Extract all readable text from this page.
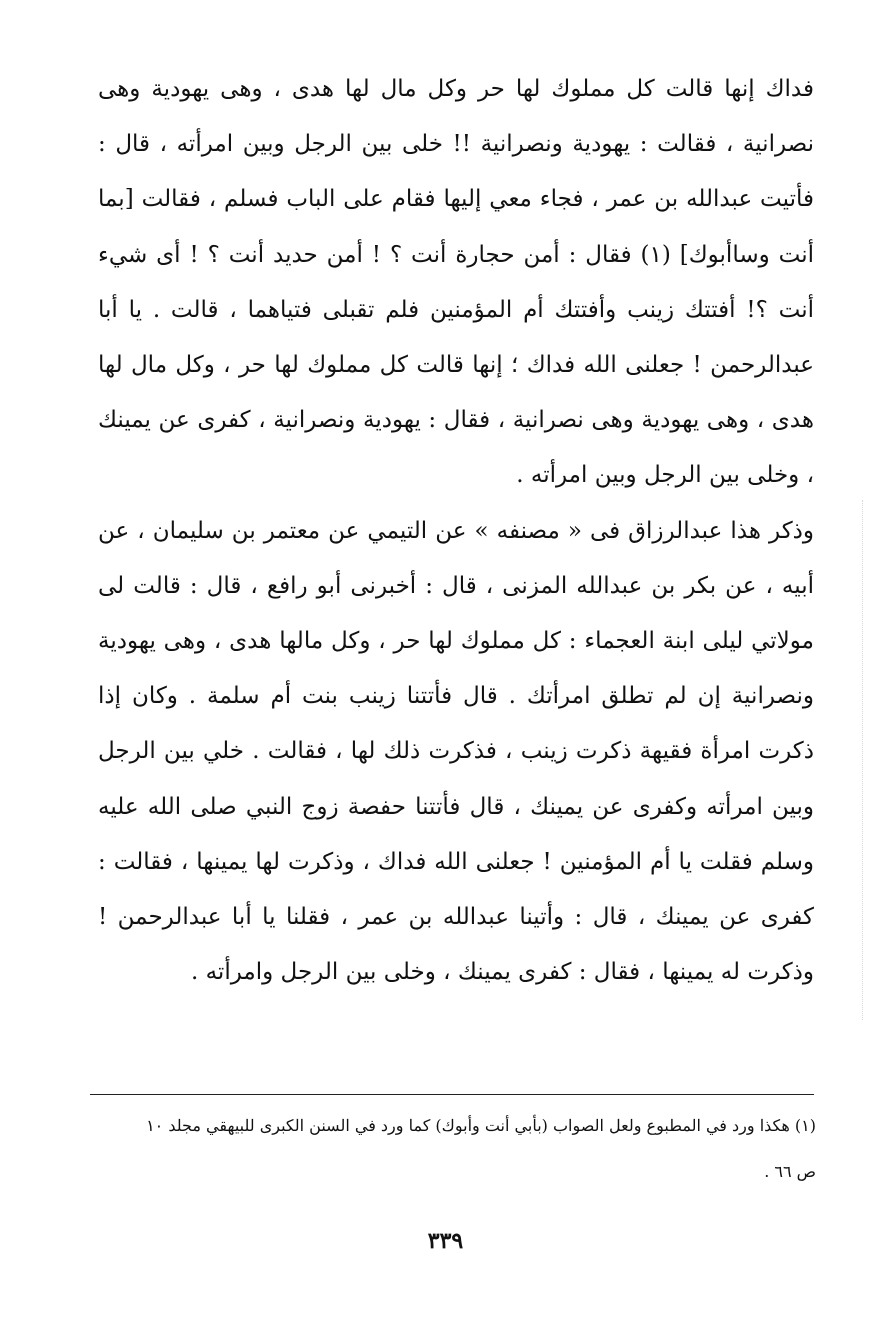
فداك إنها قالت كل مملوك لها حر وكل مال لها هدى ، وهى يهودية وهى نصرانية ، فقالت : يهودية ونصرانية !! خلى بين الرجل وبين امرأته ، قال : فأتيت عبدالله بن عمر ، فجاء معي إليها فقام على الباب فسلم ، فقالت [بما أنت وساأبوك] (١) فقال : أمن حجارة أنت ؟ ! أمن حديد أنت ؟ ! أى شيء أنت ؟! أفتتك زينب وأفتتك أم المؤمنين فلم تقبلى فتياهما ، قالت . يا أبا عبدالرحمن ! جعلنى الله فداك ؛ إنها قالت كل مملوك لها حر ، وكل مال لها هدى ، وهى يهودية وهى نصرانية ، فقال : يهودية ونصرانية ، كفرى عن يمينك ، وخلى بين الرجل وبين امرأته .

وذكر هذا عبدالرزاق فى « مصنفه » عن التيمي عن معتمر بن سليمان ، عن أبيه ، عن بكر بن عبدالله المزنى ، قال : أخبرنى أبو رافع ، قال : قالت لى مولاتي ليلى ابنة العجماء : كل مملوك لها حر ، وكل مالها هدى ، وهى يهودية ونصرانية إن لم تطلق امرأتك . قال فأتتنا زينب بنت أم سلمة . وكان إذا ذكرت امرأة فقيهة ذكرت زينب ، فذكرت ذلك لها ، فقالت . خلي بين الرجل وبين امرأته وكفرى عن يمينك ، قال فأتتنا حفصة زوج النبي صلى الله عليه وسلم فقلت يا أم المؤمنين ! جعلنى الله فداك ، وذكرت لها يمينها ، فقالت : كفرى عن يمينك ، قال : وأتينا عبدالله بن عمر ، فقلنا يا أبا عبدالرحمن ! وذكرت له يمينها ، فقال : كفرى يمينك ، وخلى بين الرجل وامرأته .

(١) هكذا ورد في المطبوع ولعل الصواب (بأبي أنت وأبوك) كما ورد في السنن الكبرى للبيهقي مجلد ١٠ ص ٦٦ .

٣٣٩
